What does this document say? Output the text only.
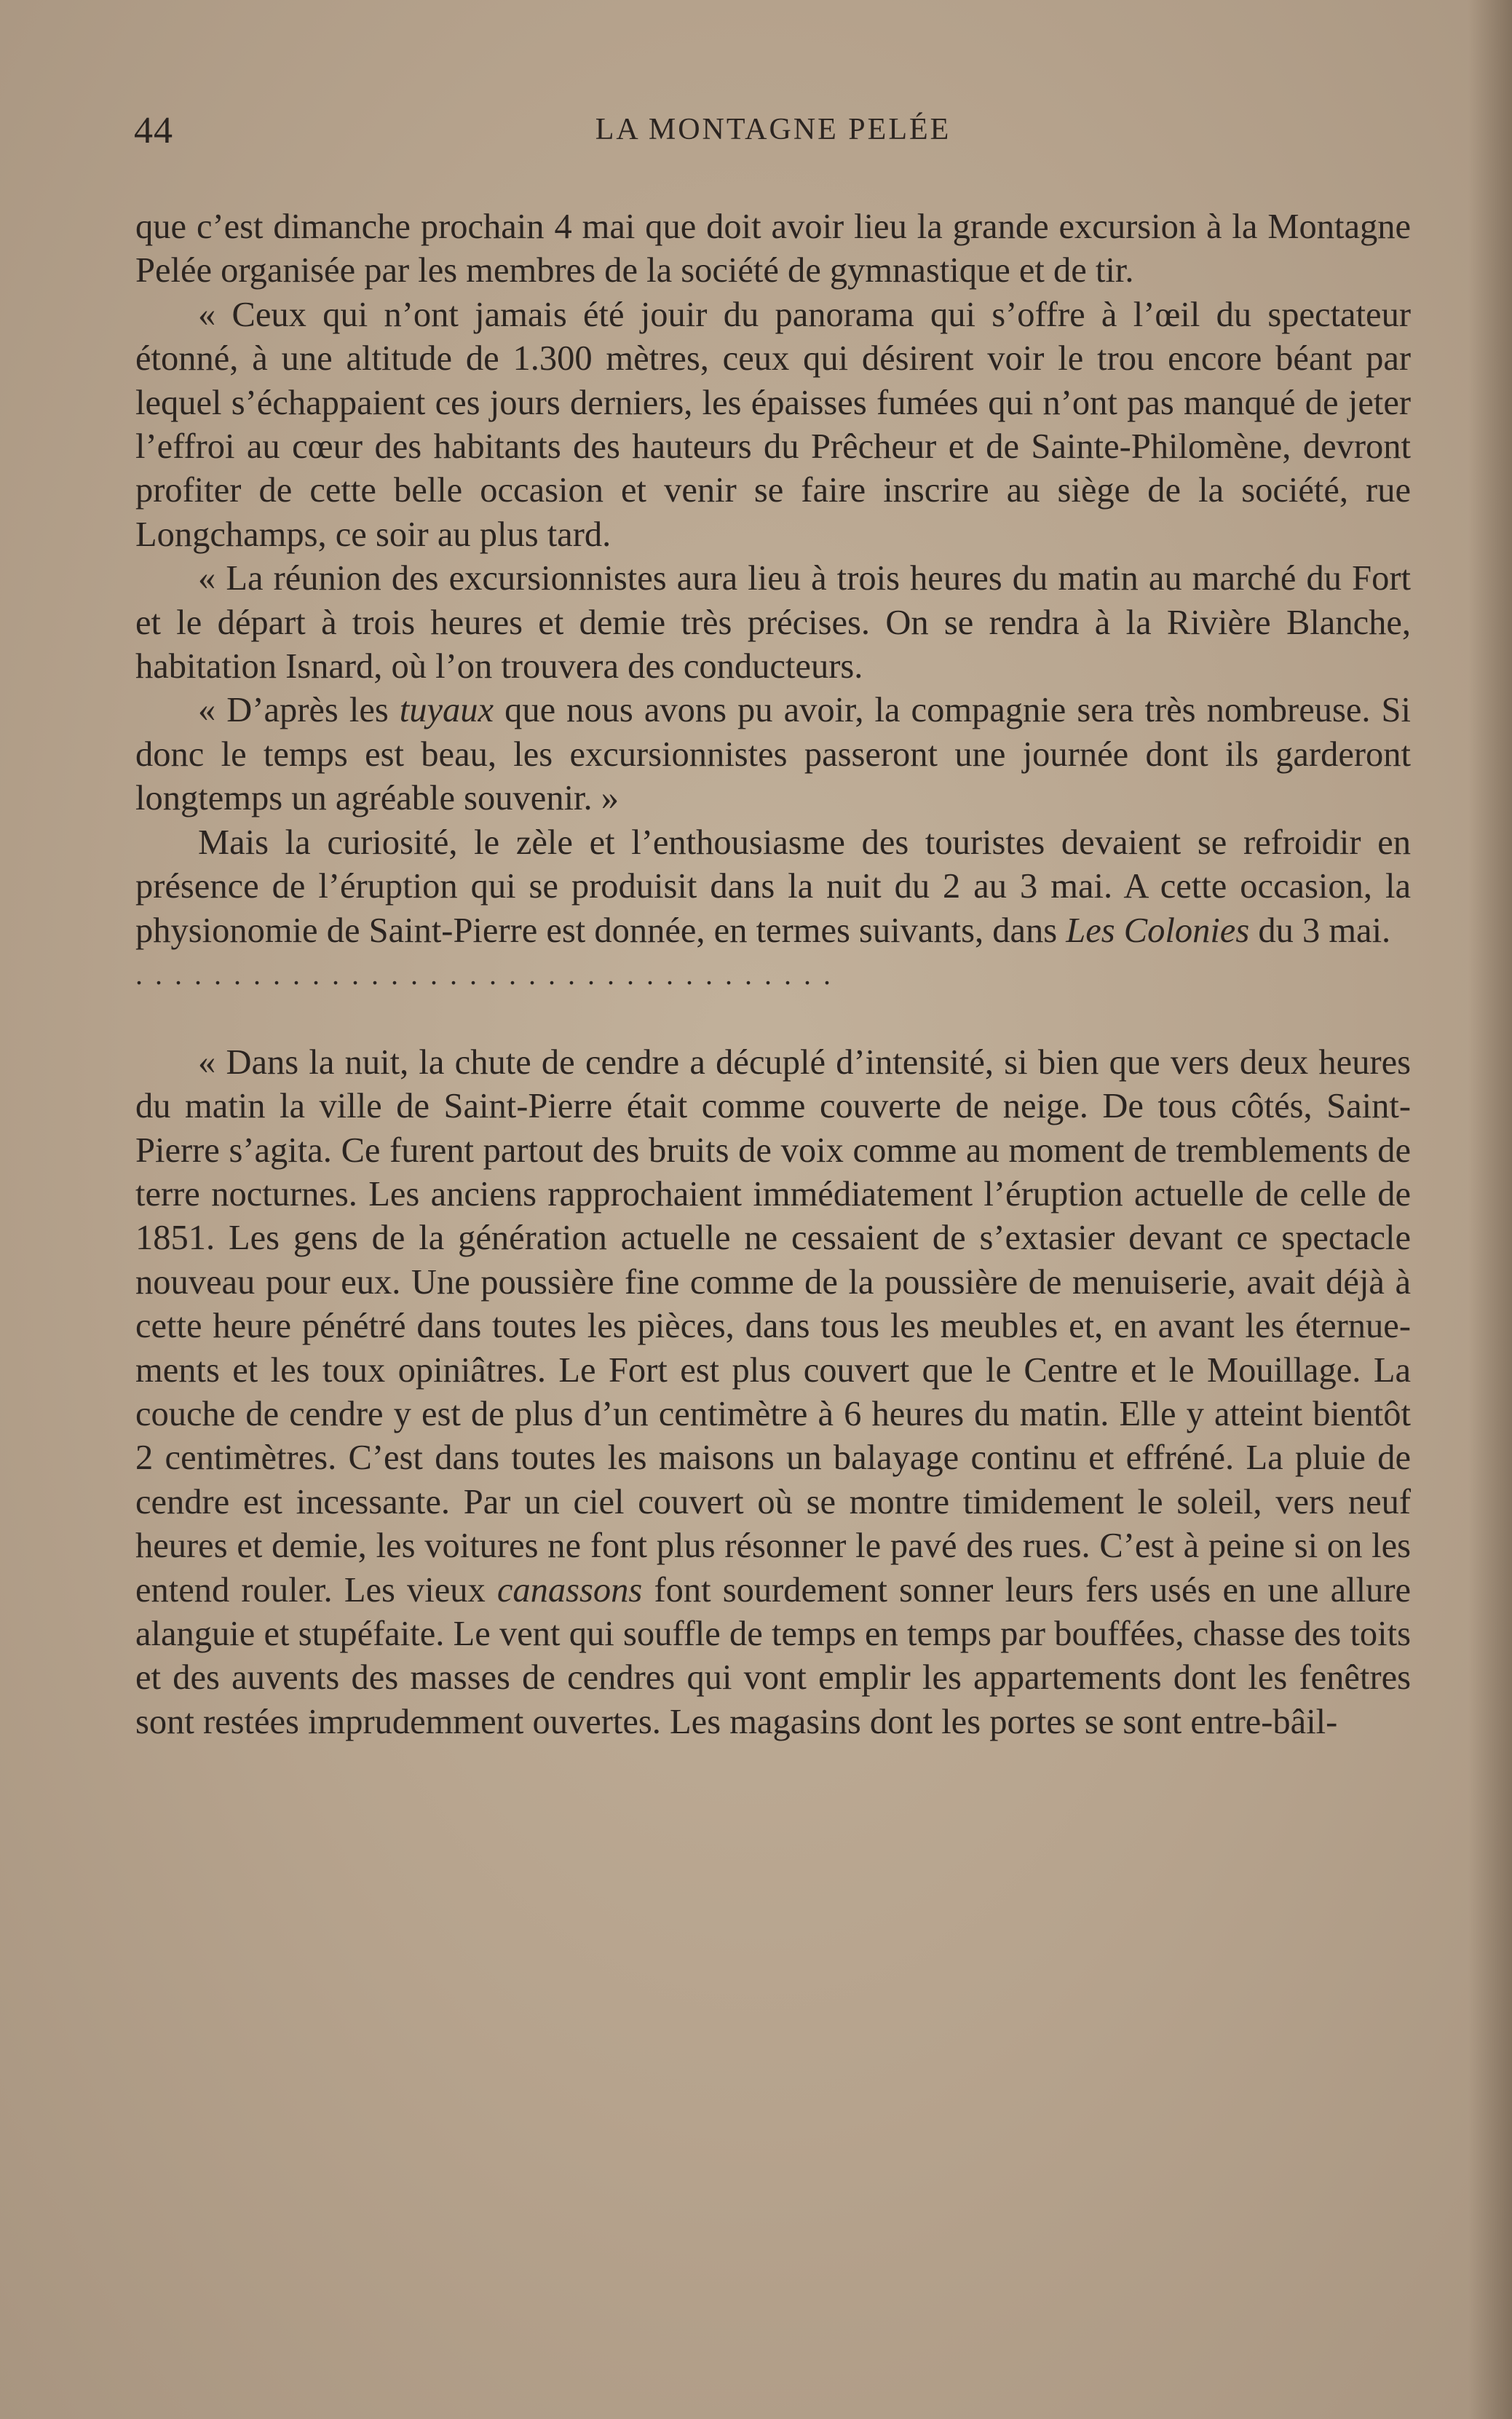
44	LA MONTAGNE PELÉE

que c’est dimanche prochain 4 mai que doit avoir lieu la grande excursion à la Montagne Pelée organisée par les membres de la société de gymnastique et de tir.

« Ceux qui n’ont jamais été jouir du panorama qui s’offre à l’œil du spectateur étonné, à une altitude de 1.300 mètres, ceux qui désirent voir le trou encore béant par lequel s’échappaient ces jours derniers, les épaisses fumées qui n’ont pas manqué de jeter l’effroi au cœur des habitants des hauteurs du Prêcheur et de Sainte-Philomène, devront profiter de cette belle occasion et venir se faire inscrire au siège de la société, rue Longchamps, ce soir au plus tard.

« La réunion des excursionnistes aura lieu à trois heures du matin au marché du Fort et le départ à trois heures et demie très précises. On se rendra à la Rivière Blanche, habitation Isnard, où l’on trouvera des conducteurs.

« D’après les tuyaux que nous avons pu avoir, la compagnie sera très nombreuse. Si donc le temps est beau, les excursionnistes passeront une journée dont ils garderont longtemps un agréable souvenir. »

Mais la curiosité, le zèle et l’enthousiasme des touristes devaient se refroidir en présence de l’éruption qui se produisit dans la nuit du 2 au 3 mai. A cette occasion, la physionomie de Saint-Pierre est donnée, en termes suivants, dans Les Colonies du 3 mai.

....................................

« Dans la nuit, la chute de cendre a décuplé d’intensité, si bien que vers deux heures du matin la ville de Saint-Pierre était comme couverte de neige. De tous côtés, Saint-Pierre s’agita. Ce furent partout des bruits de voix comme au moment de tremblements de terre nocturnes. Les anciens rapprochaient immédiatement l’éruption actuelle de celle de 1851. Les gens de la génération actuelle ne cessaient de s’extasier devant ce spectacle nouveau pour eux. Une poussière fine comme de la poussière de menuiserie, avait déjà à cette heure pénétré dans toutes les pièces, dans tous les meubles et, en avant les éternuements et les toux opiniâtres. Le Fort est plus couvert que le Centre et le Mouillage. La couche de cendre y est de plus d’un centimètre à 6 heures du matin. Elle y atteint bientôt 2 centimètres. C’est dans toutes les maisons un balayage continu et effréné. La pluie de cendre est incessante. Par un ciel couvert où se montre timidement le soleil, vers neuf heures et demie, les voitures ne font plus résonner le pavé des rues. C’est à peine si on les entend rouler. Les vieux canassons font sourdement sonner leurs fers usés en une allure alanguie et stupéfaite. Le vent qui souffle de temps en temps par bouffées, chasse des toits et des auvents des masses de cendres qui vont emplir les appartements dont les fenêtres sont restées imprudemment ouvertes. Les magasins dont les portes se sont entre-bâil-
